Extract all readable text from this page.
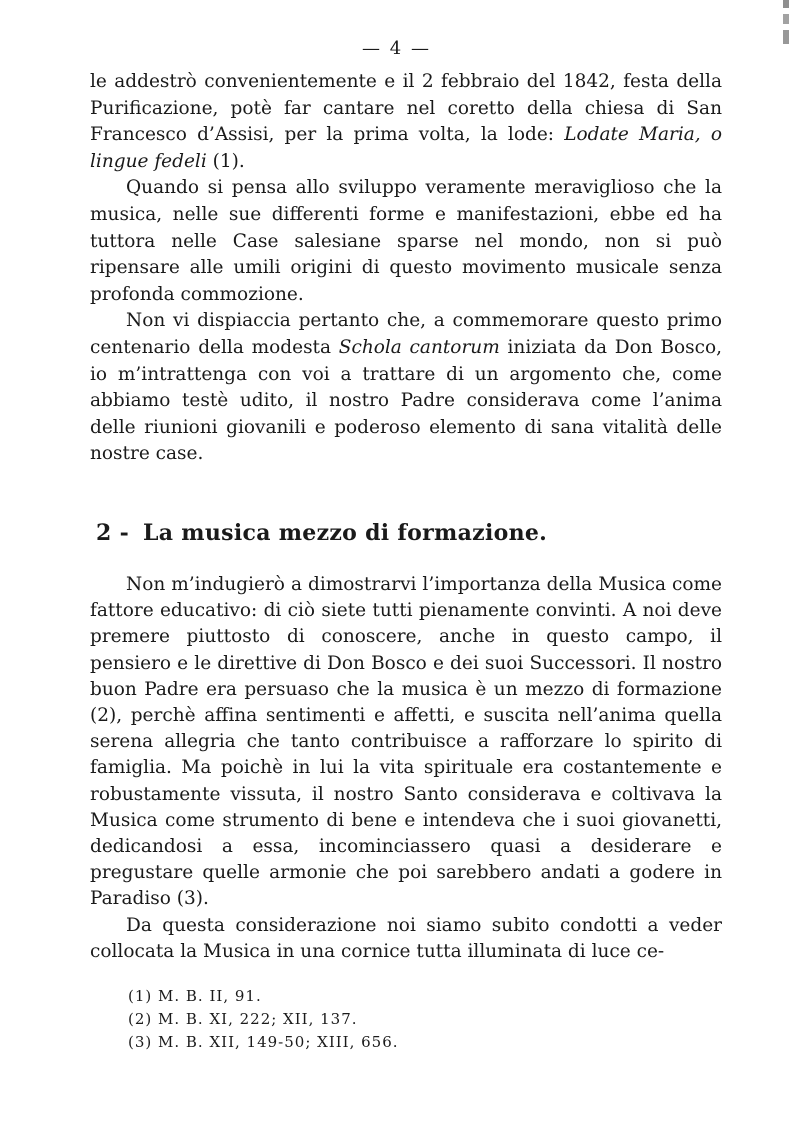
— 4 —

le addestrò convenientemente e il 2 febbraio del 1842, festa della Purificazione, potè far cantare nel coretto della chiesa di San Francesco d’Assisi, per la prima volta, la lode: Lodate Maria, o lingue fedeli (1).

Quando si pensa allo sviluppo veramente meraviglioso che la musica, nelle sue differenti forme e manifestazioni, ebbe ed ha tuttora nelle Case salesiane sparse nel mondo, non si può ripensare alle umili origini di questo movimento musicale senza profonda commozione.

Non vi dispiaccia pertanto che, a commemorare questo primo centenario della modesta Schola cantorum iniziata da Don Bosco, io m’intrattenga con voi a trattare di un argomento che, come abbiamo testè udito, il nostro Padre considerava come l’anima delle riunioni giovanili e poderoso elemento di sana vitalità delle nostre case.

2 - La musica mezzo di formazione.

Non m’indugierò a dimostrarvi l’importanza della Musica come fattore educativo: di ciò siete tutti pienamente convinti. A noi deve premere piuttosto di conoscere, anche in questo campo, il pensiero e le direttive di Don Bosco e dei suoi Successori. Il nostro buon Padre era persuaso che la musica è un mezzo di formazione (2), perchè affina sentimenti e affetti, e suscita nell’anima quella serena allegria che tanto contribuisce a rafforzare lo spirito di famiglia. Ma poichè in lui la vita spirituale era costantemente e robustamente vissuta, il nostro Santo considerava e coltivava la Musica come strumento di bene e intendeva che i suoi giovanetti, dedicandosi a essa, incominciassero quasi a desiderare e pregustare quelle armonie che poi sarebbero andati a godere in Paradiso (3).

Da questa considerazione noi siamo subito condotti a veder collocata la Musica in una cornice tutta illuminata di luce ce-

(1) M. B. II, 91.
(2) M. B. XI, 222; XII, 137.
(3) M. B. XII, 149-50; XIII, 656.
